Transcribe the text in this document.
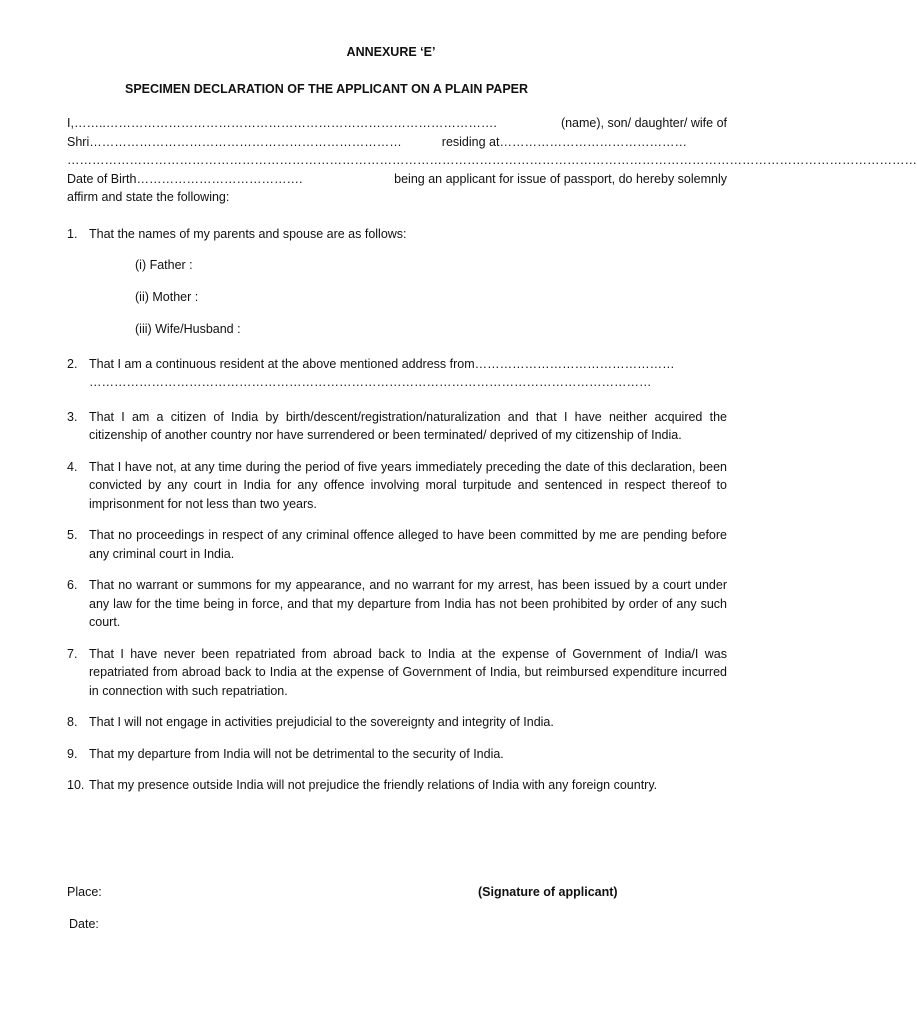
ANNEXURE ‘E’
SPECIMEN DECLARATION OF THE APPLICANT ON A PLAIN PAPER
I, ……..………………………………………………………………………………….	(name), son/ daughter/ wife of
Shri …………………………………………………………………	residing at ………………………………………
……………………………………………………………………………………………………………………………………………………………………………………
Date of Birth ………………………………….	being an applicant for issue of passport, do hereby solemnly
affirm and state the following:
1. That the names of my parents and spouse are as follows:
(i) Father :
(ii) Mother :
(iii) Wife/Husband :
2. That I am a continuous resident at the above mentioned address from …………………………………………
………………………………………………………………………………………………………………………
3. That I am a citizen of India by birth/descent/registration/naturalization and that I have neither acquired the citizenship of another country nor have surrendered or been terminated/ deprived of my citizenship of India.
4. That I have not, at any time during the period of five years immediately preceding the date of this declaration, been convicted by any court in India for any offence involving moral turpitude and sentenced in respect thereof to imprisonment for not less than two years.
5. That no proceedings in respect of any criminal offence alleged to have been committed by me are pending before any criminal court in India.
6. That no warrant or summons for my appearance, and no warrant for my arrest, has been issued by a court under any law for the time being in force, and that my departure from India has not been prohibited by order of any such court.
7. That I have never been repatriated from abroad back to India at the expense of Government of India/I was repatriated from abroad back to India at the expense of Government of India, but reimbursed expenditure incurred in connection with such repatriation.
8. That I will not engage in activities prejudicial to the sovereignty and integrity of India.
9. That my departure from India will not be detrimental to the security of India.
10. That my presence outside India will not prejudice the friendly relations of India with any foreign country.
Place:	(Signature of applicant)
Date:
